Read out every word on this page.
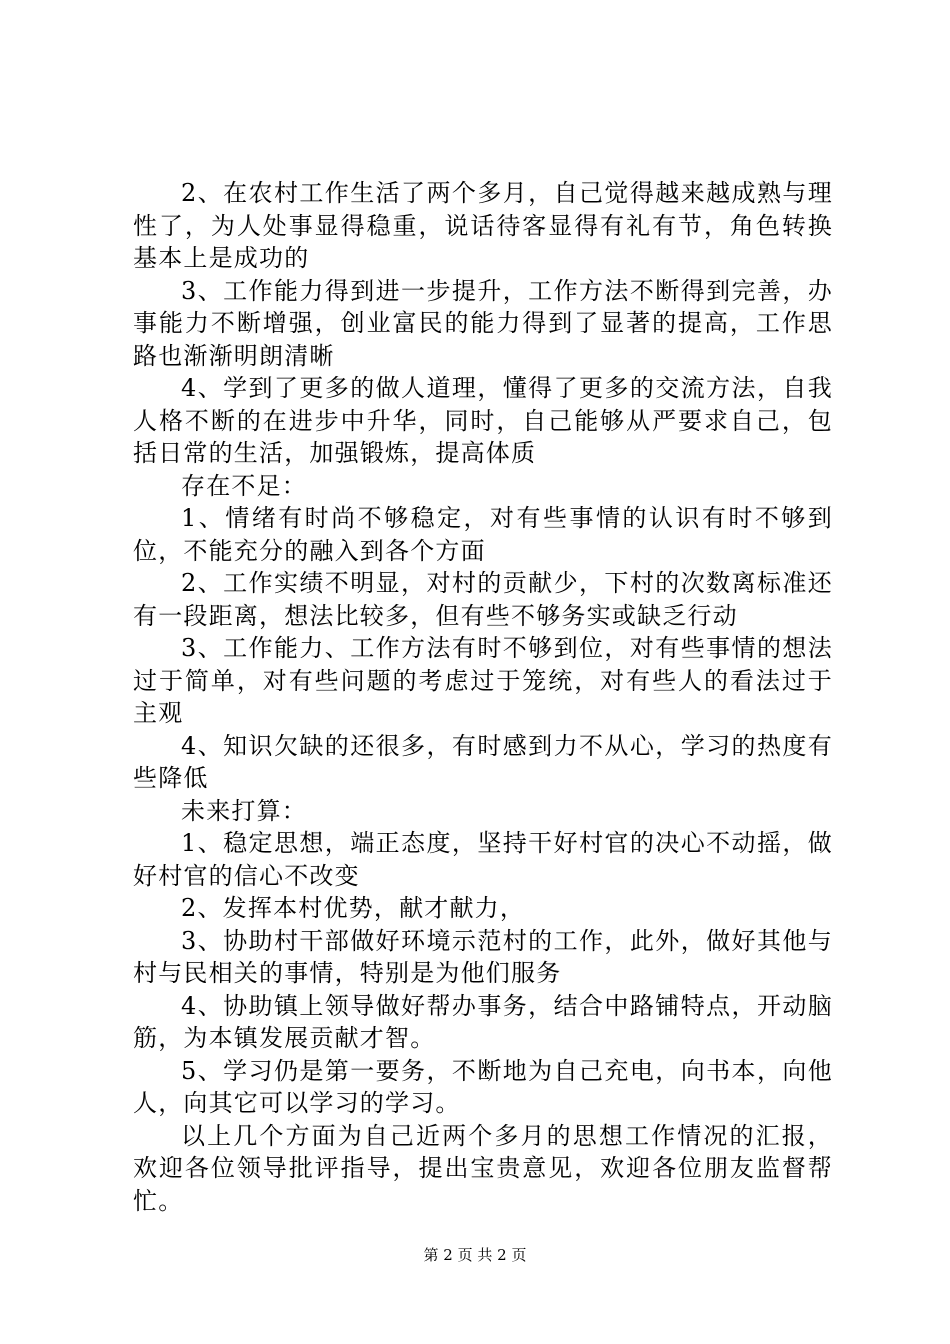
2、在农村工作生活了两个多月，自己觉得越来越成熟与理性了，为人处事显得稳重，说话待客显得有礼有节，角色转换基本上是成功的

3、工作能力得到进一步提升，工作方法不断得到完善，办事能力不断增强，创业富民的能力得到了显著的提高，工作思路也渐渐明朗清晰

4、学到了更多的做人道理，懂得了更多的交流方法，自我人格不断的在进步中升华，同时，自己能够从严要求自己，包括日常的生活，加强锻炼，提高体质

存在不足：

1、情绪有时尚不够稳定，对有些事情的认识有时不够到位，不能充分的融入到各个方面

2、工作实绩不明显，对村的贡献少，下村的次数离标准还有一段距离，想法比较多，但有些不够务实或缺乏行动

3、工作能力、工作方法有时不够到位，对有些事情的想法过于简单，对有些问题的考虑过于笼统，对有些人的看法过于主观

4、知识欠缺的还很多，有时感到力不从心，学习的热度有些降低

未来打算：

1、稳定思想，端正态度，坚持干好村官的决心不动摇，做好村官的信心不改变

2、发挥本村优势，献才献力，

3、协助村干部做好环境示范村的工作，此外，做好其他与村与民相关的事情，特别是为他们服务

4、协助镇上领导做好帮办事务，结合中路铺特点，开动脑筋，为本镇发展贡献才智。

5、学习仍是第一要务，不断地为自己充电，向书本，向他人，向其它可以学习的学习。

以上几个方面为自己近两个多月的思想工作情况的汇报，欢迎各位领导批评指导，提出宝贵意见，欢迎各位朋友监督帮忙。

第 2 页 共 2 页
